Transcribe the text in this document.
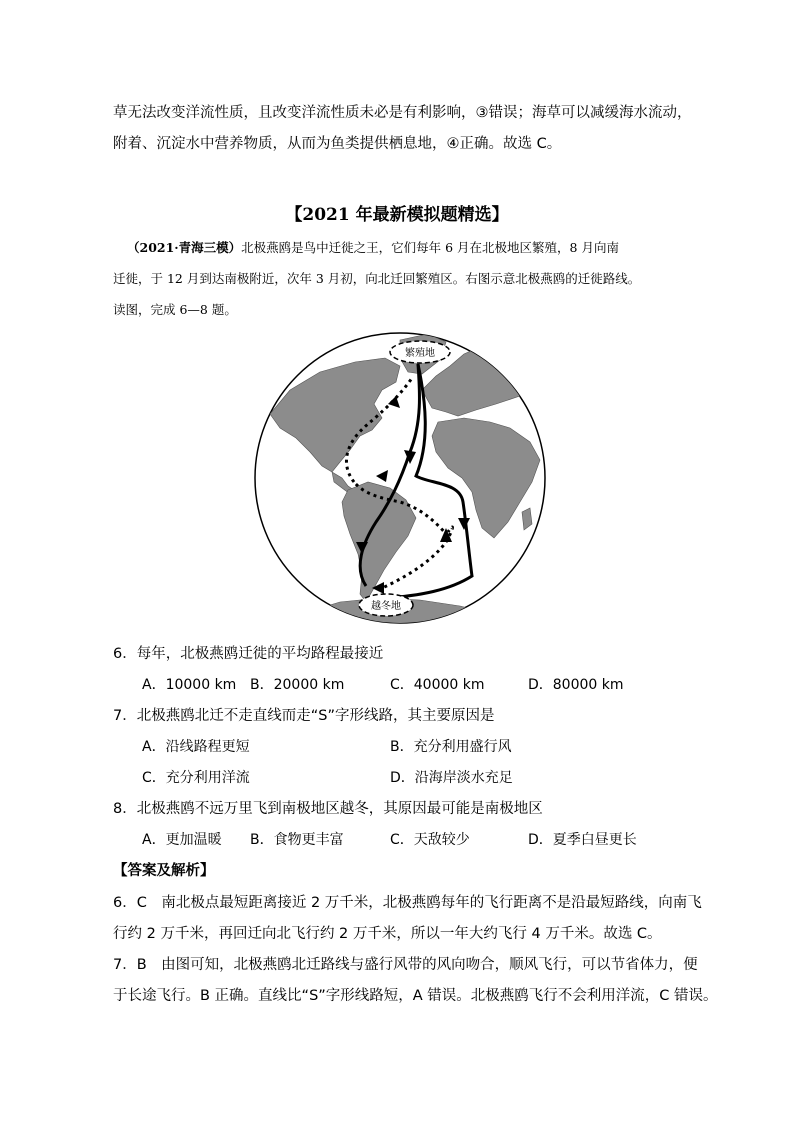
草无法改变洋流性质，且改变洋流性质未必是有利影响，③错误；海草可以减缓海水流动，
附着、沉淀水中营养物质，从而为鱼类提供栖息地，④正确。故选 C。
【2021 年最新模拟题精选】
（2021·青海三模）北极燕鸥是鸟中迁徙之王，它们每年 6 月在北极地区繁殖，8 月向南
迁徙，于 12 月到达南极附近，次年 3 月初，向北迁回繁殖区。右图示意北极燕鸥的迁徙路线。
读图，完成 6—8 题。
繁殖地
越冬地
6．每年，北极燕鸥迁徙的平均路程最接近
A．10000 km B．20000 km	C．40000 km	D．80000 km
7．北极燕鸥北迁不走直线而走“S”字形线路，其主要原因是
A．沿线路程更短	B．充分利用盛行风
C．充分利用洋流	D．沿海岸淡水充足
8．北极燕鸥不远万里飞到南极地区越冬，其原因最可能是南极地区
A．更加温暖 B．食物更丰富	C．天敌较少	D．夏季白昼更长
【答案及解析】
6．C　南北极点最短距离接近 2 万千米，北极燕鸥每年的飞行距离不是沿最短路线，向南飞
行约 2 万千米，再回迁向北飞行约 2 万千米，所以一年大约飞行 4 万千米。故选 C。
7．B　由图可知，北极燕鸥北迁路线与盛行风带的风向吻合，顺风飞行，可以节省体力，便
于长途飞行。B 正确。直线比“S”字形线路短，A 错误。北极燕鸥飞行不会利用洋流，C 错误。
